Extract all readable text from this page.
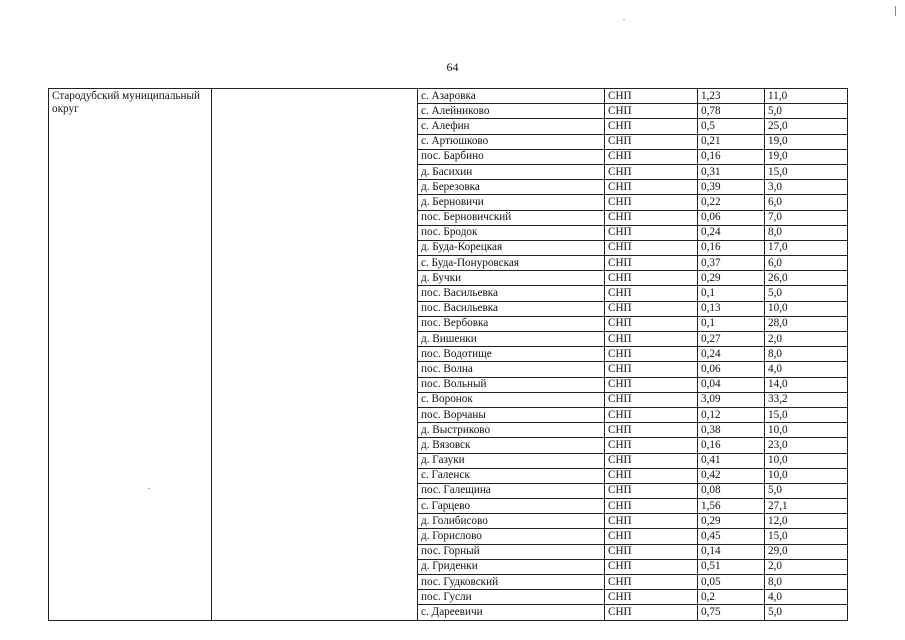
64
Стародубский муниципальный округ		с. Азаровка	СНП	1,23	11,0
		с. Алейниково	СНП	0,78	5,0
		с. Алефин	СНП	0,5	25,0
		с. Артюшково	СНП	0,21	19,0
		пос. Барбино	СНП	0,16	19,0
		д. Басихин	СНП	0,31	15,0
		д. Березовка	СНП	0,39	3,0
		д. Берновичи	СНП	0,22	6,0
		пос. Берновичский	СНП	0,06	7,0
		пос. Бродок	СНП	0,24	8,0
		д. Буда-Корецкая	СНП	0,16	17,0
		с. Буда-Понуровская	СНП	0,37	6,0
		д. Бучки	СНП	0,29	26,0
		пос. Васильевка	СНП	0,1	5,0
		пос. Васильевка	СНП	0,13	10,0
		пос. Вербовка	СНП	0,1	28,0
		д. Вишенки	СНП	0,27	2,0
		пос. Водотище	СНП	0,24	8,0
		пос. Волна	СНП	0,06	4,0
		пос. Вольный	СНП	0,04	14,0
		с. Воронок	СНП	3,09	33,2
		пос. Ворчаны	СНП	0,12	15,0
		д. Выстриково	СНП	0,38	10,0
		д. Вязовск	СНП	0,16	23,0
		д. Газуки	СНП	0,41	10,0
		с. Галенск	СНП	0,42	10,0
		пос. Галещина	СНП	0,08	5,0
		с. Гарцево	СНП	1,56	27,1
		д. Голибисово	СНП	0,29	12,0
		д. Горислово	СНП	0,45	15,0
		пос. Горный	СНП	0,14	29,0
		д. Гриденки	СНП	0,51	2,0
		пос. Гудковский	СНП	0,05	8,0
		пос. Гусли	СНП	0,2	4,0
		с. Дареевичи	СНП	0,75	5,0
